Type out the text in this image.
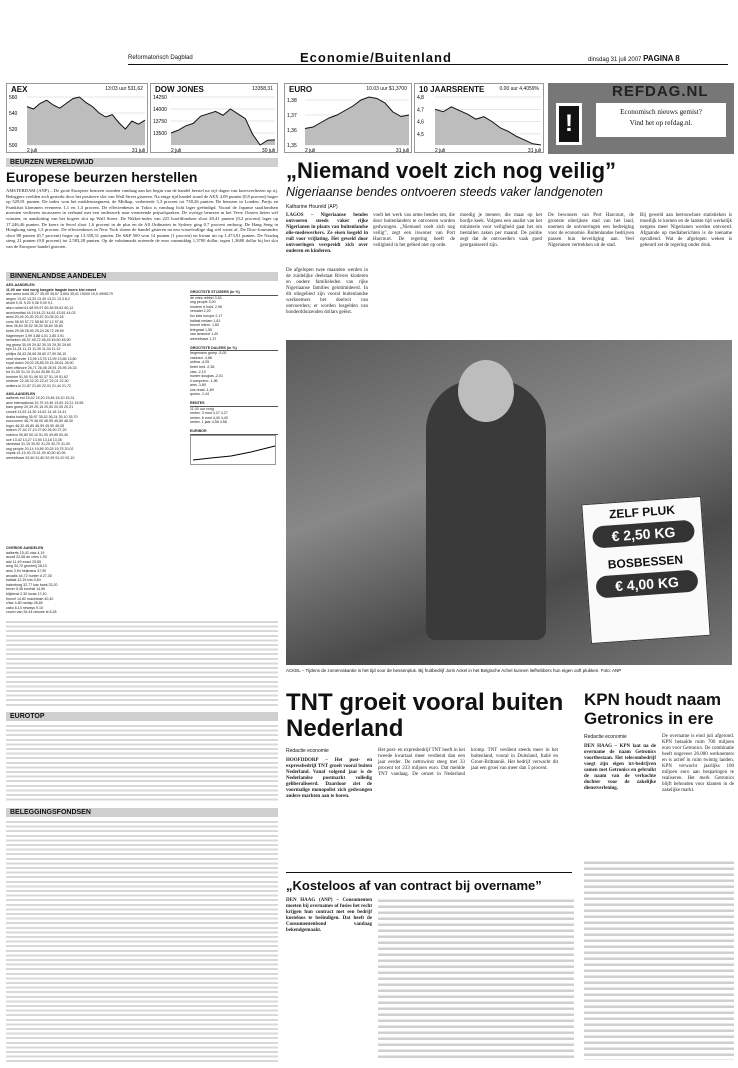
Reformatorisch Dagblad	Economie/Buitenland	dinsdag 31 juli 2007 PAGINA 8
AEX	13:03 uur 531,62
560
540
520
500
2 juli	31 juli
DOW JONES	13358,31
14250
14000
13750
13500
2 juli	30 juli
EURO	10.03 uur $1,3700
1,38
1,37
1,36
1,35
2 juli	31 juli
10 JAARSRENTE	0.00 uur 4,4059%
4,8
4,7
4,6
4,5
2 juli	31 juli
REFDAG.NL
!	Economisch nieuws gemist?
Vind het op refdag.nl.
BEURZEN WERELDWIJD
Europese beurzen herstellen
AMSTERDAM (ANP) – De grote Europese beurzen toonden vandaag aan het begin van de handel herstel na vijf dagen van koersverliezen op rij. Beleggers voelden zich gesterkt door het positieve slot van Wall Street gisteren. Na enige tijd handel stond de AEX 4,09 punten (0,8 procent) hoger op 529,81 punten. De index won het middenssegment, de Midkap, verbeterde 3,3 procent tot 738,26 punten. De beurzen in Londen, Parijs en Frankfurt klommen eveneens 1,1 en 1,3 procent. De effectenbeurs in Tokio is vandaag licht lager geëindigd. Vooral de Japanse staalfondsen moesten verliezen incasseren in verband met een onderzoek naar vermeende prijsafspraken. De overige beurzen in het Verre Oosten lieten wel winsten, in aansluiting van het hogere slot op Wall Street. De Nikkei-index van 225 hoofdfondsen sloot 40,41 punten (0,2 procent) lager op 17.246,46 punten. De koers in Seoel sloot 1,6 procent in de plus en de All Ordinaries in Sydney ging 0,7 procent omhoog. De Hang Seng in Hongkong steeg 1,3 procent. De effectenbeurs in New York sloten de handel gisteren na een wisselvallige dag wel winst af. De Dow-Jonesindex sloot 88 punten (0,7 procent) hoger op 13.358,31 punten. De S&P 500 won 14 punten (1 procent) en kwam uit op 1.473,91 punten. De Nasdaq steeg 21 punten (0,8 procent) tot 2.583,28 punten. Op de valutamarkt noteerde de euro vanmiddag 1,3700 dollar, tegen 1,3680 dollar bij het slot van de Europese handel gisteren.
BINNENLANDSE AANDELEN
AEX-AANDELEN
11.00 uur slot vorig hoogste laagste koers k/w omzet
abn amro hold 36,27 35,00 35,67 3,604 35,41 19000 19,5 4998179
aegon 13,42 13,33 13,49 13,21 13,3 8,2
ahold 9,31 9,20 9,38 9,09 9,1
akzo nobel 61,68 59,97 60,36 59,81 60,12
arcelormittal 44,19 44,22 44,81 43,81 44,03
asml 20,45 20,30 20,57 20,08 20,18
corio 58,90 57,72 58,80 57,12 57,61
dsm 36,84 35,92 36,30 35,60 35,80
fortis 29,08 28,90 29,24 28,72 28,90
hagemeyer 3,99 3,88 4,01 3,85 3,91
heineken 46,37 45,72 46,43 45,50 45,90
ing groep 30,09 29,52 30,15 29,30 29,60
kpn 11,24 11,13 11,30 11,04 11,12
philips 28,43 28,08 28,60 27,90 28,10
reed elsevier 13,95 13,78 13,99 13,66 13,80
royal dutch 29,02 28,85 29,15 28,61 28,90
sbm offshore 26,71 26,08 26,91 25,95 26,33
tnt 31,50 31,10 31,64 30,86 31,20
tomtom 51,50 51,96 52,37 51,19 51,62
unilever 22,38 22,20 22,47 22,01 22,30
wolters kl 21,87 21,60 22,01 21,44 21,72
AMX-AANDELEN
aalberts ind 15,42 15,20 15,46 15,10 15,31
asm international 19,75 19,46 19,82 19,21 19,55
bam groep 20,39 20,15 20,50 20,05 20,21
crucell 14,53 14,30 14,62 14,18 14,41
draka holding 35,97 35,52 36,24 35,10 35,70
eurocomm 46,79 46,00 46,95 45,80 46,30
fugro 46,32 45,80 46,59 45,50 46,05
imtech 27,44 27,10 27,60 26,90 27,20
nutreco 50,80 50,10 51,00 49,85 50,40
oce 13,42 13,27 13,50 13,18 13,35
randstad 31,15 30,92 31,25 30,70 31,00
usg people 20,14 19,89 20,25 19,75 20,02
vopak 41,15 40,75 41,39 40,50 40,95
wereldhave 92,60 91,80 92,99 91,20 92,10
GROOTSTE STIJGERS (in %)
de vries rebbel 3,54
usg people 3,00
modern d hold. 2,96
versatel 2,20
fox kids europe 2,17
ballast nedam 1,81
brunel intern. 1,60
telegraaf 1,55
van lanschot 1,40
wereldhave 1,37
GROOTSTE DALERS (in %)
begemann groep -5,05
vastned -4,88
ordina -4,05
beter bed -2,38
ctac -2,10
hunter douglas -2,01
il comprimo -1,96
ams -1,80
sns reaal -1,69
qurius -1,44
RENTES
11.00 uur vorig
rentev. 3 mnd 4,27 4,27
rentev. 6 mnd 4,40 4,40
rentev. 1 jaar 4,58 4,58
EURIBOR
OVERIGE AANDELEN
aalberts 15,42 ctac 4,19
accell 22,08 de vries 1,93
adz 11,49 exact 29,85
amg 34,70 grontmij 28,10
ams 3,94 heijmans 37,90
arcadis 44,72 hunter d 27,35
ballast 12,15 icts 0,64
batenburg 32,77 kas bank 33,20
bever 5,06 koninkl 14,90
blijdenst 2,30 lucas 17,40
brunel 14,82 macintosh 40,42
c/tac 4,80 nedap 28,65
cabo 6,14 neways 9,10
crown van 26,44 nieuwe st 8,28
EUROTOP
BELEGGINGSFONDSEN
„Niemand voelt zich nog veilig”
Nigeriaanse bendes ontvoeren steeds vaker landgenoten
Katharine Houreld (AP)
LAGOS – Nigeriaanse bendes ontvoeren steeds vaker rijke Nigerianen in plaats van buitenlandse olie-medewerkers. Ze eisen losgeld in ruil voor vrijlating. Het geweld door ontvoeringen verspreidt zich over ouderen en kinderen.
De afgelopen twee maanden werden in de zuidelijke deelstaat Rivers kinderen en oudere familieleden van rijke Nigeriaanse families geïntimideerd. In dit oliegebied zijn vooral buitenlandse werknemers het doelwit van ontvoerders; er worden losgelden van honderdduizenden dollars geëist.
voelt het werk van arme bendes om, die door buitenlanders te ontvoeren worden gedwongen. „Niemand voelt zich nog veilig”, zegt een inwoner van Port Harcourt. De regering heeft de veiligheid in het gebied niet op orde.
moedig je meneer, die maar op het bordje keek. Volgens een analist van het ministerie voor veiligheid gaat het om tientallen zaken per maand. De politie zegt dat de ontvoerders vaak goed georganiseerd zijn.
De bewoners van Port Harcourt, de grootste olierijkste stad van het land, noemen de ontvoeringen een bedreiging voor de economie. Buitenlandse bedrijven passen hun beveiliging aan. Veel Nigerianen vertrekken uit de stad.
Bij geweld aan betrouwbare statistieken is moeilijk te komen en de laatste tijd werkelijk nergens meer Nigerianen worden ontvoerd. Afgaande op mediaberichten is de toename opvallend. Wat de afgelopen weken is gebeurd zet de regering onder druk.
ZELF PLUK
€ 2,50 KG
BOSBESSEN
€ 4,00 KG
ACKEL – Tijdens de zomervakantie is het tijd voor de bessenpluk. Bij fruitbedrijf Joris Ackel in het Belgische Achel kunnen liefhebbers hun eigen ooft plukken. Foto: ANP
TNT groeit vooral buiten Nederland
Redactie economie
HOOFDDORP – Het post- en expressbedrijf TNT groeit vooral buiten Nederland. Vanaf volgend jaar is de Nederlandse postmarkt volledig geliberaliseerd. Daardoor ziet de voormalige monopolist zich gedwongen andere markten aan te boren.
Het post- en expresbedrijf TNT heeft in het tweede kwartaal meer verdiend dan een jaar eerder. De nettowinst steeg met 33 procent tot 233 miljoen euro. Dat meldde TNT vandaag. De omzet in Nederland kromp. TNT verdient steeds meer in het buitenland, vooral in Duitsland, Italië en Groot-Brittannië. Het bedrijf verwacht dit jaar een groei van meer dan 5 procent.
„Kosteloos af van contract bij overname”
DEN HAAG (ANP) – Consumenten moeten bij overnames of fusies het recht krijgen hun contract met een bedrijf kosteloos te beëindigen. Dat heeft de Consumentenbond vandaag bekendgemaakt.
KPN houdt naam Getronics in ere
Redactie economie
DEN HAAG – KPN laat na de overname de naam Getronics voortbestaan. Het telecombedrijf voegt zijn eigen ict-bedrijven samen met Getronics en gebruikt de naam van de verkochte dochter voor de zakelijke dienstverlening.
De overname is eind juli afgerond. KPN betaalde ruim 700 miljoen euro voor Getronics. De combinatie heeft ongeveer 26.000 werknemers en is actief in ruim twintig landen. KPN verwacht jaarlijks 100 miljoen euro aan besparingen te realiseren. Het merk Getronics blijft behouden voor klanten in de zakelijke markt.
